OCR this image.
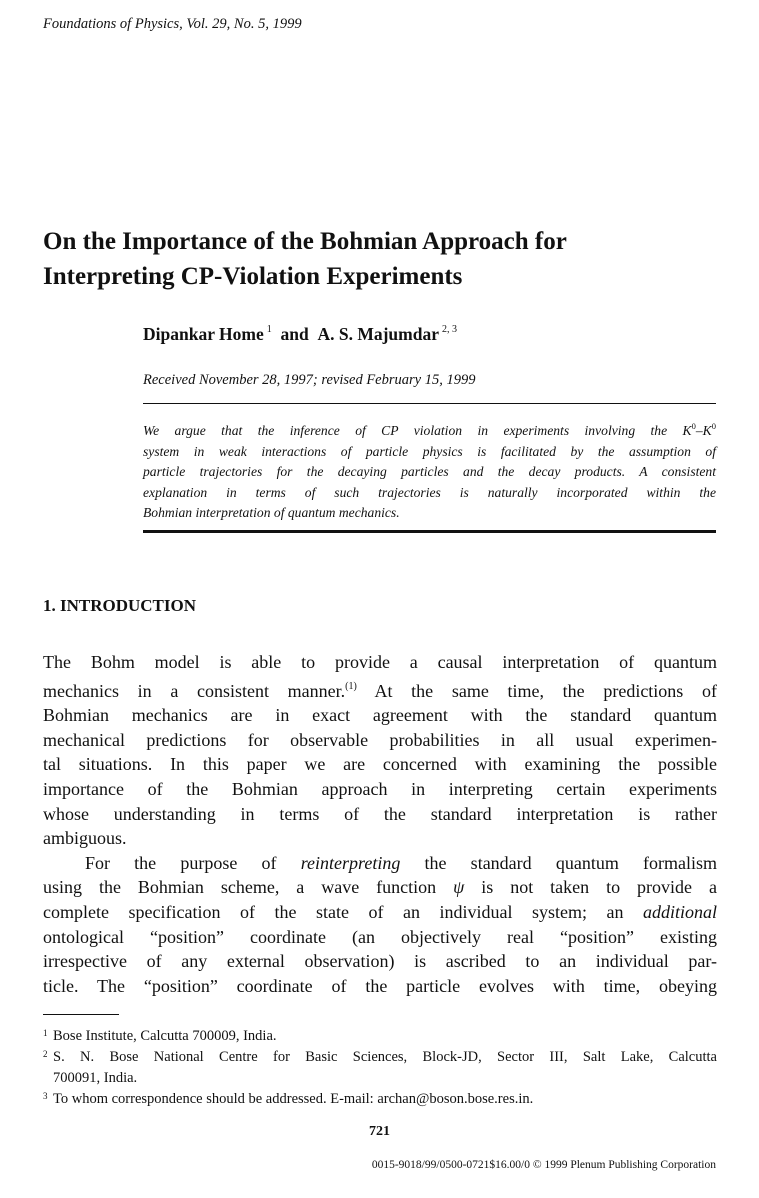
Foundations of Physics, Vol. 29, No. 5, 1999
On the Importance of the Bohmian Approach for
Interpreting CP-Violation Experiments
Dipankar Home $^1$ and A. S. Majumdar $^{2, 3}$
Received November 28, 1997; revised February 15, 1999
We argue that the inference of CP violation in experiments involving the $K^0-K^0$
system in weak interactions of particle physics is facilitated by the assumption of
particle trajectories for the decaying particles and the decay products. A consistent
explanation in terms of such trajectories is naturally incorporated within the
Bohmian interpretation of quantum mechanics.
1. INTRODUCTION
The Bohm model is able to provide a causal interpretation of quantum
mechanics in a consistent manner.$^{(1)}$ At the same time, the predictions of
Bohmian mechanics are in exact agreement with the standard quantum
mechanical predictions for observable probabilities in all usual experimen-
tal situations. In this paper we are concerned with examining the possible
importance of the Bohmian approach in interpreting certain experiments
whose understanding in terms of the standard interpretation is rather
ambiguous.
For the purpose of reinterpreting the standard quantum formalism
using the Bohmian scheme, a wave function ψ is not taken to provide a
complete specification of the state of an individual system; an additional
ontological “position” coordinate (an objectively real “position” existing
irrespective of any external observation) is ascribed to an individual par-
ticle. The “position” coordinate of the particle evolves with time, obeying
1 Bose Institute, Calcutta 700009, India.
2 S. N. Bose National Centre for Basic Sciences, Block-JD, Sector III, Salt Lake, Calcutta
700091, India.
3 To whom correspondence should be addressed. E-mail: archan@boson.bose.res.in.
721
0015-9018/99/0500-0721$16.00/0 © 1999 Plenum Publishing Corporation
